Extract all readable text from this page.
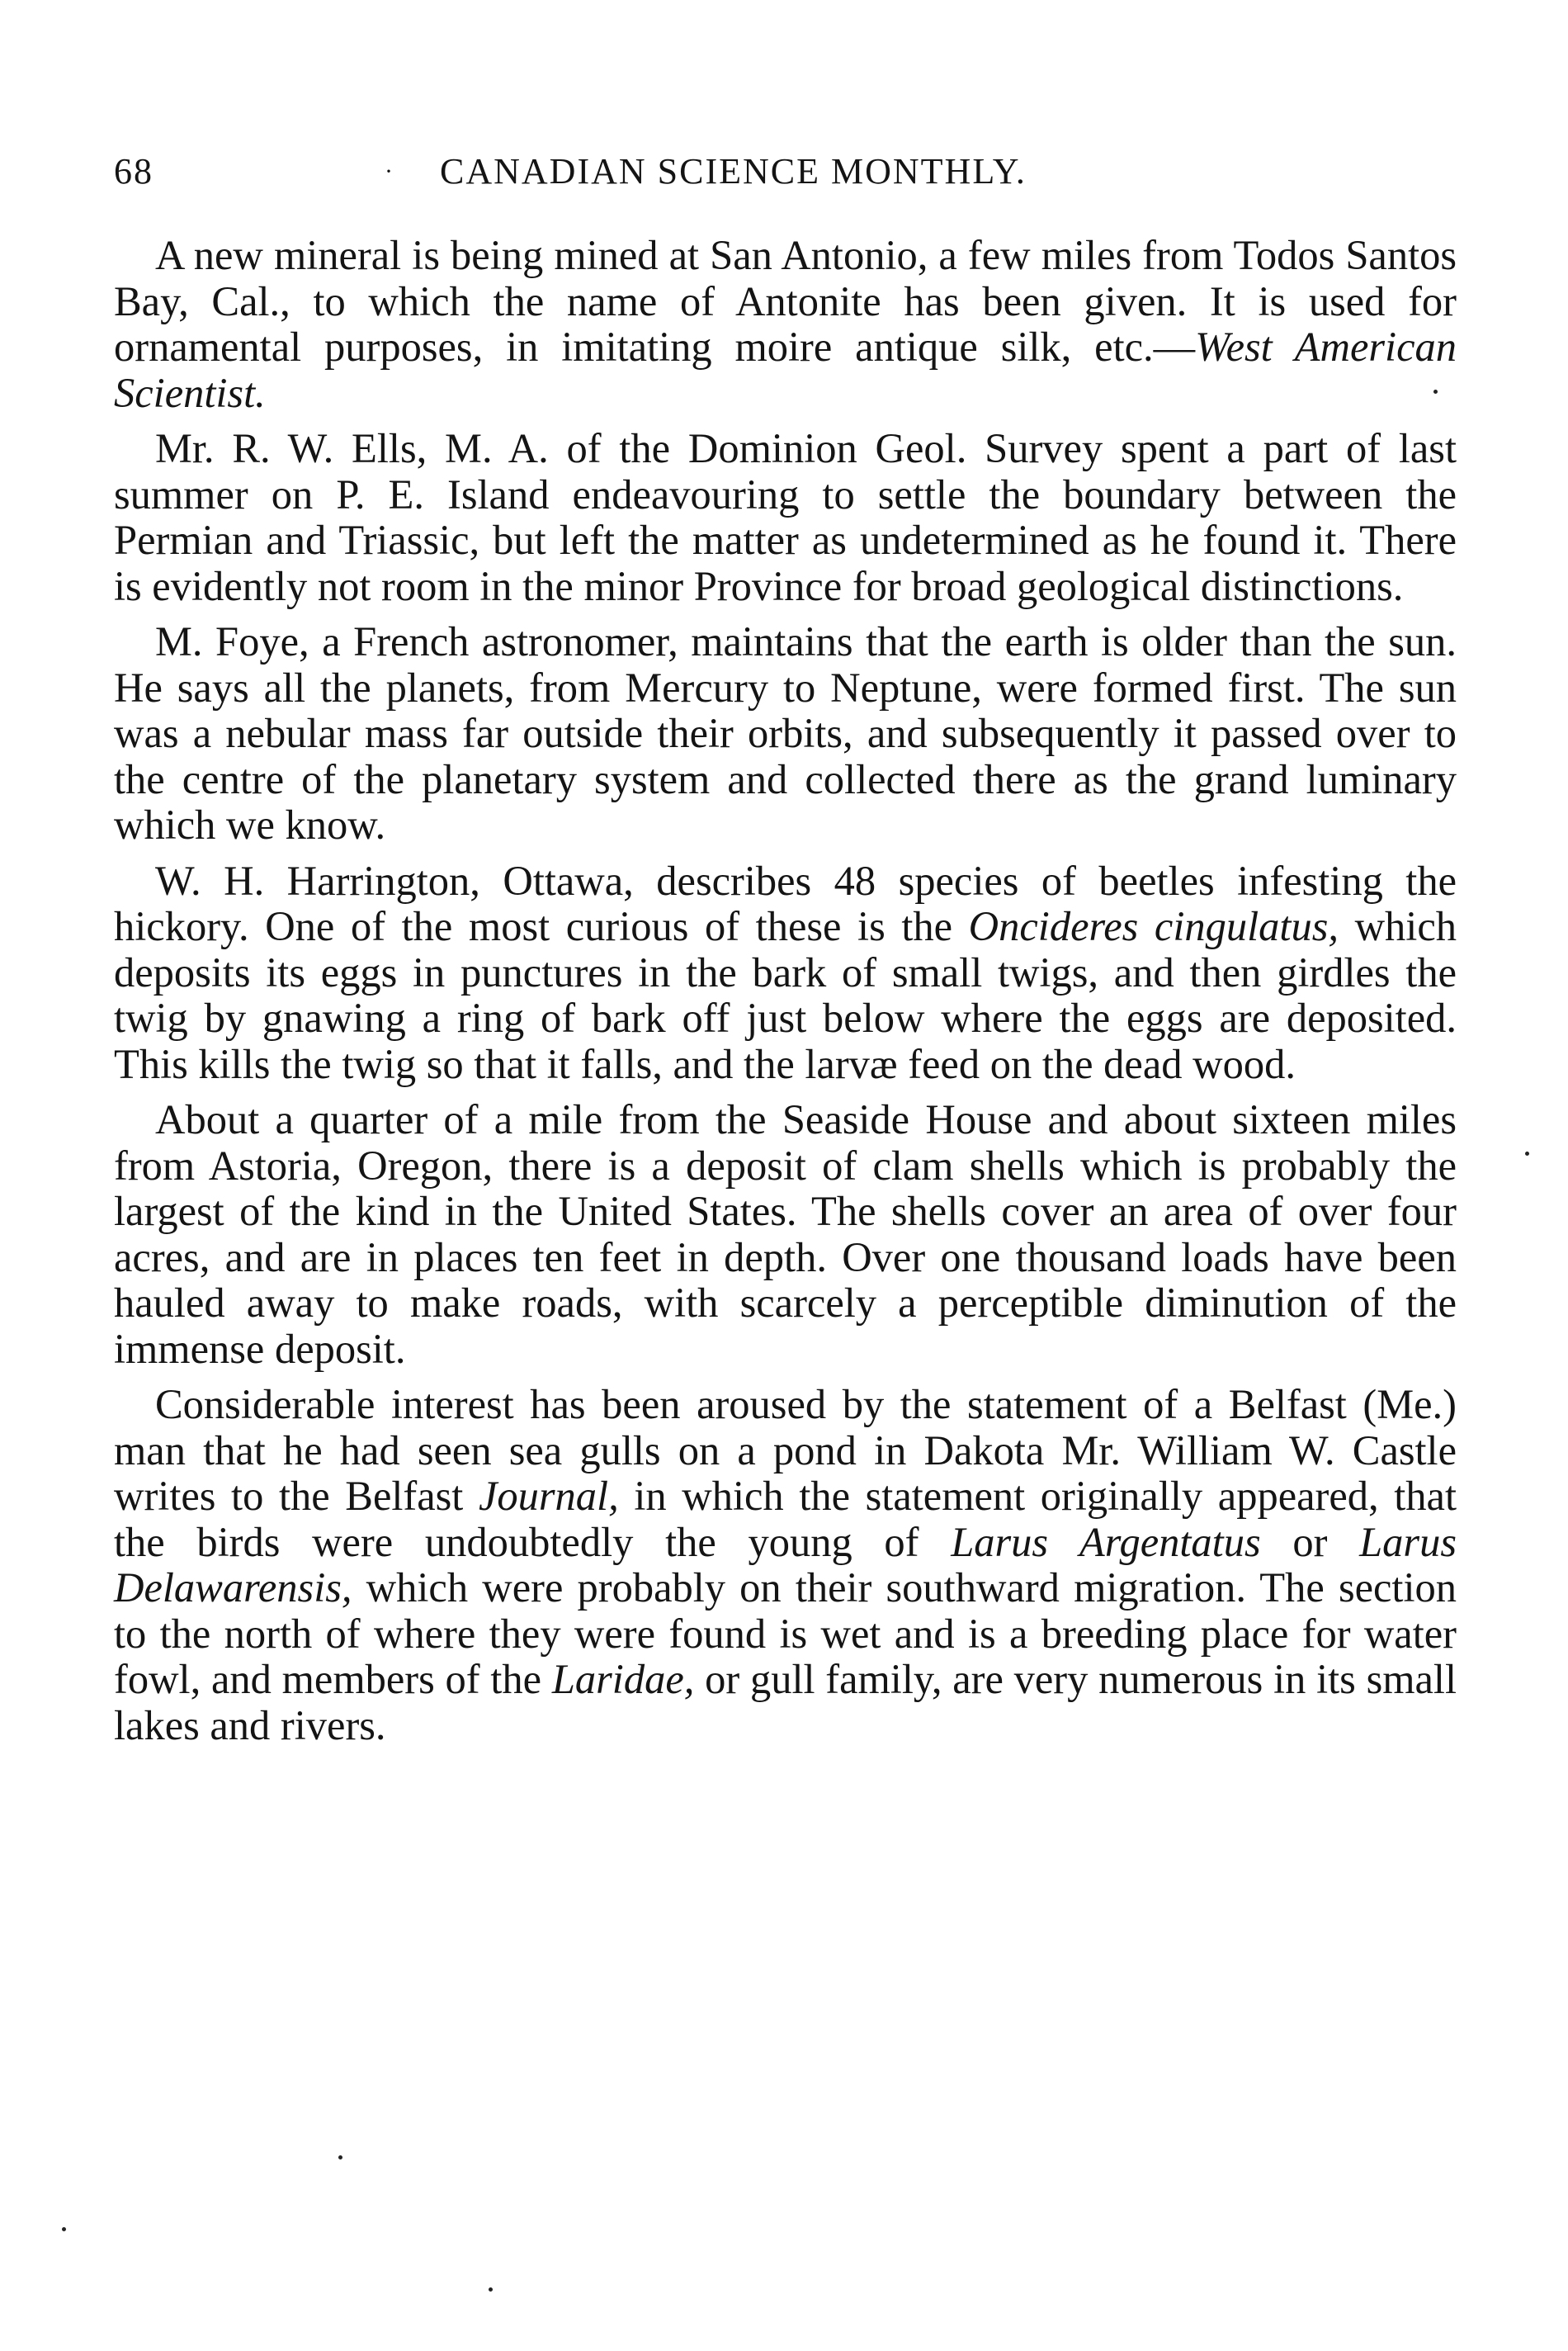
68	· CANADIAN SCIENCE MONTHLY.

A new mineral is being mined at San Antonio, a few miles from Todos Santos Bay, Cal., to which the name of Antonite has been given. It is used for ornamental purposes, in imitating moire antique silk, etc.—West American Scientist.

Mr. R. W. Ells, M. A. of the Dominion Geol. Survey spent a part of last summer on P. E. Island endeavouring to settle the boundary between the Permian and Triassic, but left the matter as undetermined as he found it. There is evidently not room in the minor Province for broad geological distinctions.

M. Foye, a French astronomer, maintains that the earth is older than the sun. He says all the planets, from Mercury to Neptune, were formed first. The sun was a nebular mass far outside their orbits, and subsequently it passed over to the centre of the planetary system and collected there as the grand luminary which we know.

W. H. Harrington, Ottawa, describes 48 species of beetles infesting the hickory. One of the most curious of these is the Oncideres cingulatus, which deposits its eggs in punctures in the bark of small twigs, and then girdles the twig by gnawing a ring of bark off just below where the eggs are deposited. This kills the twig so that it falls, and the larvæ feed on the dead wood.

About a quarter of a mile from the Seaside House and about sixteen miles from Astoria, Oregon, there is a deposit of clam shells which is probably the largest of the kind in the United States. The shells cover an area of over four acres, and are in places ten feet in depth. Over one thousand loads have been hauled away to make roads, with scarcely a perceptible diminution of the immense deposit.

Considerable interest has been aroused by the statement of a Belfast (Me.) man that he had seen sea gulls on a pond in Dakota Mr. William W. Castle writes to the Belfast Journal, in which the statement originally appeared, that the birds were undoubtedly the young of Larus Argentatus or Larus Delawarensis, which were probably on their southward migration. The section to the north of where they were found is wet and is a breeding place for water fowl, and members of the Laridae, or gull family, are very numerous in its small lakes and rivers.
